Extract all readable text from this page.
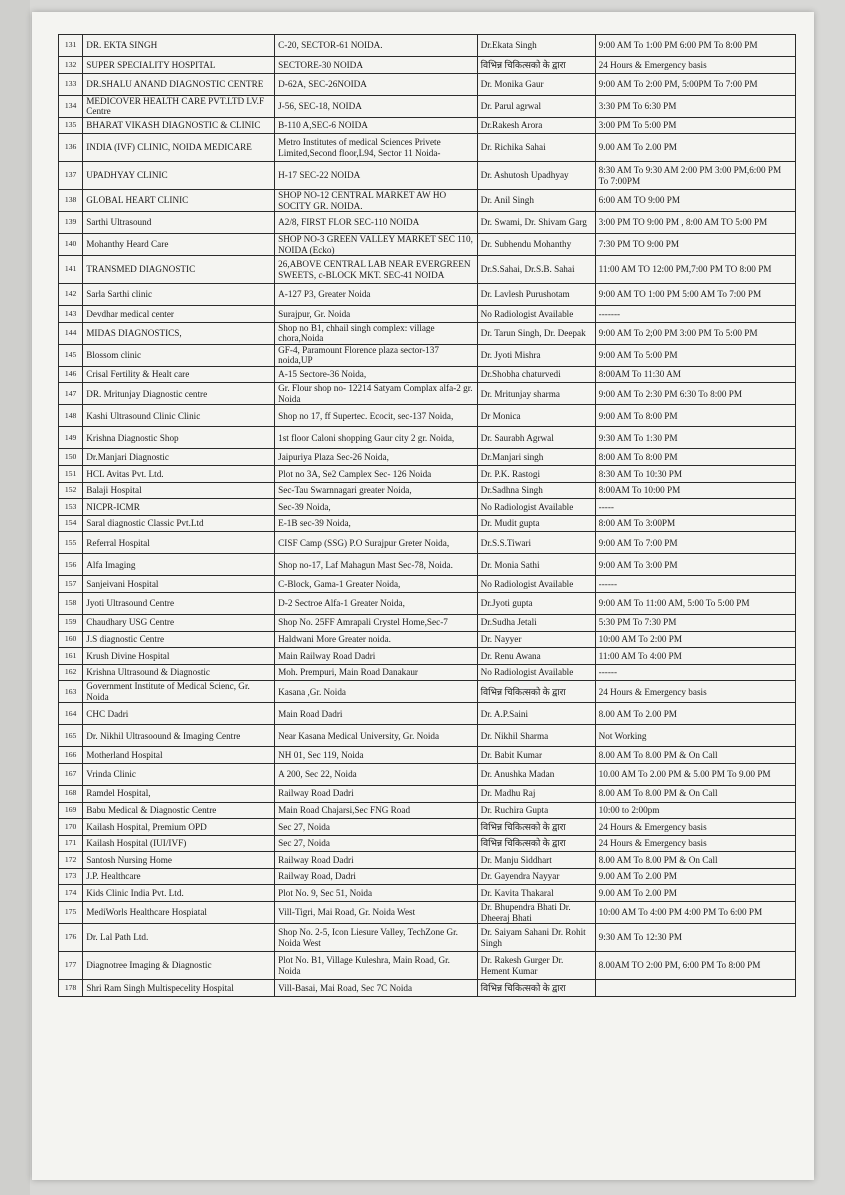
131	DR. EKTA SINGH	C-20, SECTOR-61 NOIDA.	Dr.Ekata Singh	9:00 AM To 1:00 PM 6:00 PM To 8:00 PM
132	SUPER SPECIALITY HOSPITAL	SECTORE-30 NOIDA	विभिन्न चिकित्सको के द्वारा	24 Hours & Emergency basis
133	DR.SHALU ANAND DIAGNOSTIC CENTRE	D-62A, SEC-26NOIDA	Dr. Monika Gaur	9:00 AM To 2:00 PM, 5:00PM To 7:00 PM
134	MEDICOVER HEALTH CARE PVT.LTD LV.F Centre	J-56, SEC-18, NOIDA	Dr. Parul agrwal	3:30 PM To 6:30 PM
135	BHARAT VIKASH DIAGNOSTIC & CLINIC	B-110 A,SEC-6 NOIDA	Dr.Rakesh Arora	3:00 PM To 5:00 PM
136	INDIA (IVF) CLINIC, NOIDA MEDICARE	Metro Institutes of medical Sciences Privete Limited,Second floor,L94, Sector 11 Noida-	Dr. Richika Sahai	9.00 AM To 2.00 PM
137	UPADHYAY CLINIC	H-17 SEC-22 NOIDA	Dr. Ashutosh Upadhyay	8:30 AM To 9:30 AM 2:00 PM 3:00 PM,6:00 PM To 7:00PM
138	GLOBAL HEART CLINIC	SHOP NO-12 CENTRAL MARKET AW HO SOCITY GR. NOIDA.	Dr. Anil Singh	6:00 AM TO 9:00 PM
139	Sarthi Ultrasound	A2/8, FIRST FLOR SEC-110 NOIDA	Dr. Swami, Dr. Shivam Garg	3:00 PM TO 9:00 PM , 8:00 AM TO 5:00 PM
140	Mohanthy Heard Care	SHOP NO-3 GREEN VALLEY MARKET SEC 110, NOIDA (Ecko)	Dr. Subhendu Mohanthy	7:30 PM TO 9:00 PM
141	TRANSMED DIAGNOSTIC	26,ABOVE CENTRAL LAB NEAR EVERGREEN SWEETS, c-BLOCK MKT. SEC-41 NOIDA	Dr.S.Sahai, Dr.S.B. Sahai	11:00 AM TO 12:00 PM,7:00 PM TO 8:00 PM
142	Sarla Sarthi clinic	A-127 P3, Greater Noida	Dr. Lavlesh Purushotam	9:00 AM TO 1:00 PM 5:00 AM To 7:00 PM
143	Devdhar medical center	Surajpur, Gr. Noida	No Radiologist Available	-------
144	MIDAS DIAGNOSTICS,	Shop no B1, chhail singh complex: village chora,Noida	Dr. Tarun Singh, Dr. Deepak	9:00 AM To 2;00 PM 3:00 PM To 5:00 PM
145	Blossom clinic	GF-4, Paramount Florence plaza sector-137 noida,UP	Dr. Jyoti Mishra	9:00 AM To 5:00 PM
146	Crisal Fertility & Healt care	A-15 Sectore-36 Noida,	Dr.Shobha chaturvedi	8:00AM To 11:30 AM
147	DR. Mritunjay Diagnostic centre	Gr. Flour shop no- 12214 Satyam Complax alfa-2 gr. Noida	Dr. Mritunjay sharma	9:00 AM To 2:30 PM 6:30 To 8:00 PM
148	Kashi Ultrasound Clinic Clinic	Shop no 17, ff Supertec. Ecocit, sec-137 Noida,	Dr Monica	9:00 AM To 8:00 PM
149	Krishna Diagnostic Shop	1st floor Caloni shopping Gaur city 2 gr. Noida,	Dr. Saurabh Agrwal	9:30 AM To 1:30 PM
150	Dr.Manjari Diagnostic	Jaipuriya Plaza Sec-26 Noida,	Dr.Manjari singh	8:00 AM To 8:00 PM
151	HCL Avitas Pvt. Ltd.	Plot no 3A, Se2 Camplex Sec- 126 Noida	Dr. P.K. Rastogi	8:30 AM To 10:30 PM
152	Balaji Hospital	Sec-Tau Swarnnagari greater Noida,	Dr.Sadhna Singh	8:00AM To 10:00 PM
153	NICPR-ICMR	Sec-39 Noida,	No Radiologist Available	-----
154	Saral diagnostic Classic Pvt.Ltd	E-1B sec-39 Noida,	Dr. Mudit gupta	8:00 AM To 3:00PM
155	Referral Hospital	CISF Camp (SSG) P.O Surajpur Greter Noida,	Dr.S.S.Tiwari	9:00 AM To 7:00 PM
156	Alfa Imaging	Shop no-17, Laf Mahagun Mast Sec-78, Noida.	Dr. Monia Sathi	9:00 AM To 3:00 PM
157	Sanjeivani Hospital	C-Block, Gama-1 Greater Noida,	No Radiologist Available	------
158	Jyoti Ultrasound Centre	D-2 Sectroe Alfa-1 Greater Noida,	Dr.Jyoti gupta	9:00 AM To 11:00 AM, 5:00 To 5:00 PM
159	Chaudhary USG Centre	Shop No. 25FF Amrapali Crystel Home,Sec-7	Dr.Sudha Jetali	5:30 PM To 7:30 PM
160	J.S diagnostic Centre	Haldwani More Greater noida.	Dr. Nayyer	10:00 AM To 2:00 PM
161	Krush Divine Hospital	Main Railway Road Dadri	Dr. Renu Awana	11:00 AM To 4:00 PM
162	Krishna Ultrasound & Diagnostic	Moh. Prempuri, Main Road Danakaur	No Radiologist Available	------
163	Government Institute of Medical Scienc, Gr. Noida	Kasana ,Gr. Noida	विभिन्न चिकित्सको के द्वारा	24 Hours & Emergency basis
164	CHC Dadri	Main Road Dadri	Dr. A.P.Saini	8.00 AM To 2.00 PM
165	Dr. Nikhil Ultrasoound & Imaging Centre	Near Kasana Medical University, Gr. Noida	Dr. Nikhil Sharma	Not Working
166	Motherland Hospital	NH 01, Sec 119, Noida	Dr. Babit Kumar	8.00 AM To 8.00 PM & On Call
167	Vrinda Clinic	A 200, Sec 22, Noida	Dr. Anushka Madan	10.00 AM To 2.00 PM & 5.00 PM To 9.00 PM
168	Ramdel Hospital,	Railway Road Dadri	Dr. Madhu Raj	8.00 AM To 8.00 PM & On Call
169	Babu Medical & Diagnostic Centre	Main Road Chajarsi,Sec FNG Road	Dr. Ruchira Gupta	10:00 to 2:00pm
170	Kailash Hospital, Premium OPD	Sec 27, Noida	विभिन्न चिकित्सको के द्वारा	24 Hours & Emergency basis
171	Kailash Hospital (IUI/IVF)	Sec 27, Noida	विभिन्न चिकित्सको के द्वारा	24 Hours & Emergency basis
172	Santosh Nursing Home	Railway Road Dadri	Dr. Manju Siddhart	8.00 AM To 8.00 PM & On Call
173	J.P. Healthcare	Railway Road, Dadri	Dr. Gayendra Nayyar	9.00 AM To 2.00 PM
174	Kids Clinic India Pvt. Ltd.	Plot No. 9, Sec 51, Noida	Dr. Kavita Thakaral	9.00 AM To 2.00 PM
175	MediWorls Healthcare Hospiatal	Vill-Tigri, Mai Road, Gr. Noida West	Dr. Bhupendra Bhati Dr. Dheeraj Bhati	10:00 AM To 4:00 PM 4:00 PM To 6:00 PM
176	Dr. Lal Path Ltd.	Shop No. 2-5, Icon Liesure Valley, TechZone Gr. Noida West	Dr. Saiyam Sahani Dr. Rohit Singh	9:30 AM To 12:30 PM
177	Diagnotree Imaging & Diagnostic	Plot No. B1, Village Kuleshra, Main Road, Gr. Noida	Dr. Rakesh Gurger Dr. Hement Kumar	8.00AM TO 2:00 PM, 6:00 PM To 8:00 PM
178	Shri Ram Singh Multispecelity Hospital	Vill-Basai, Mai Road, Sec 7C Noida	विभिन्न चिकित्सको के द्वारा	
